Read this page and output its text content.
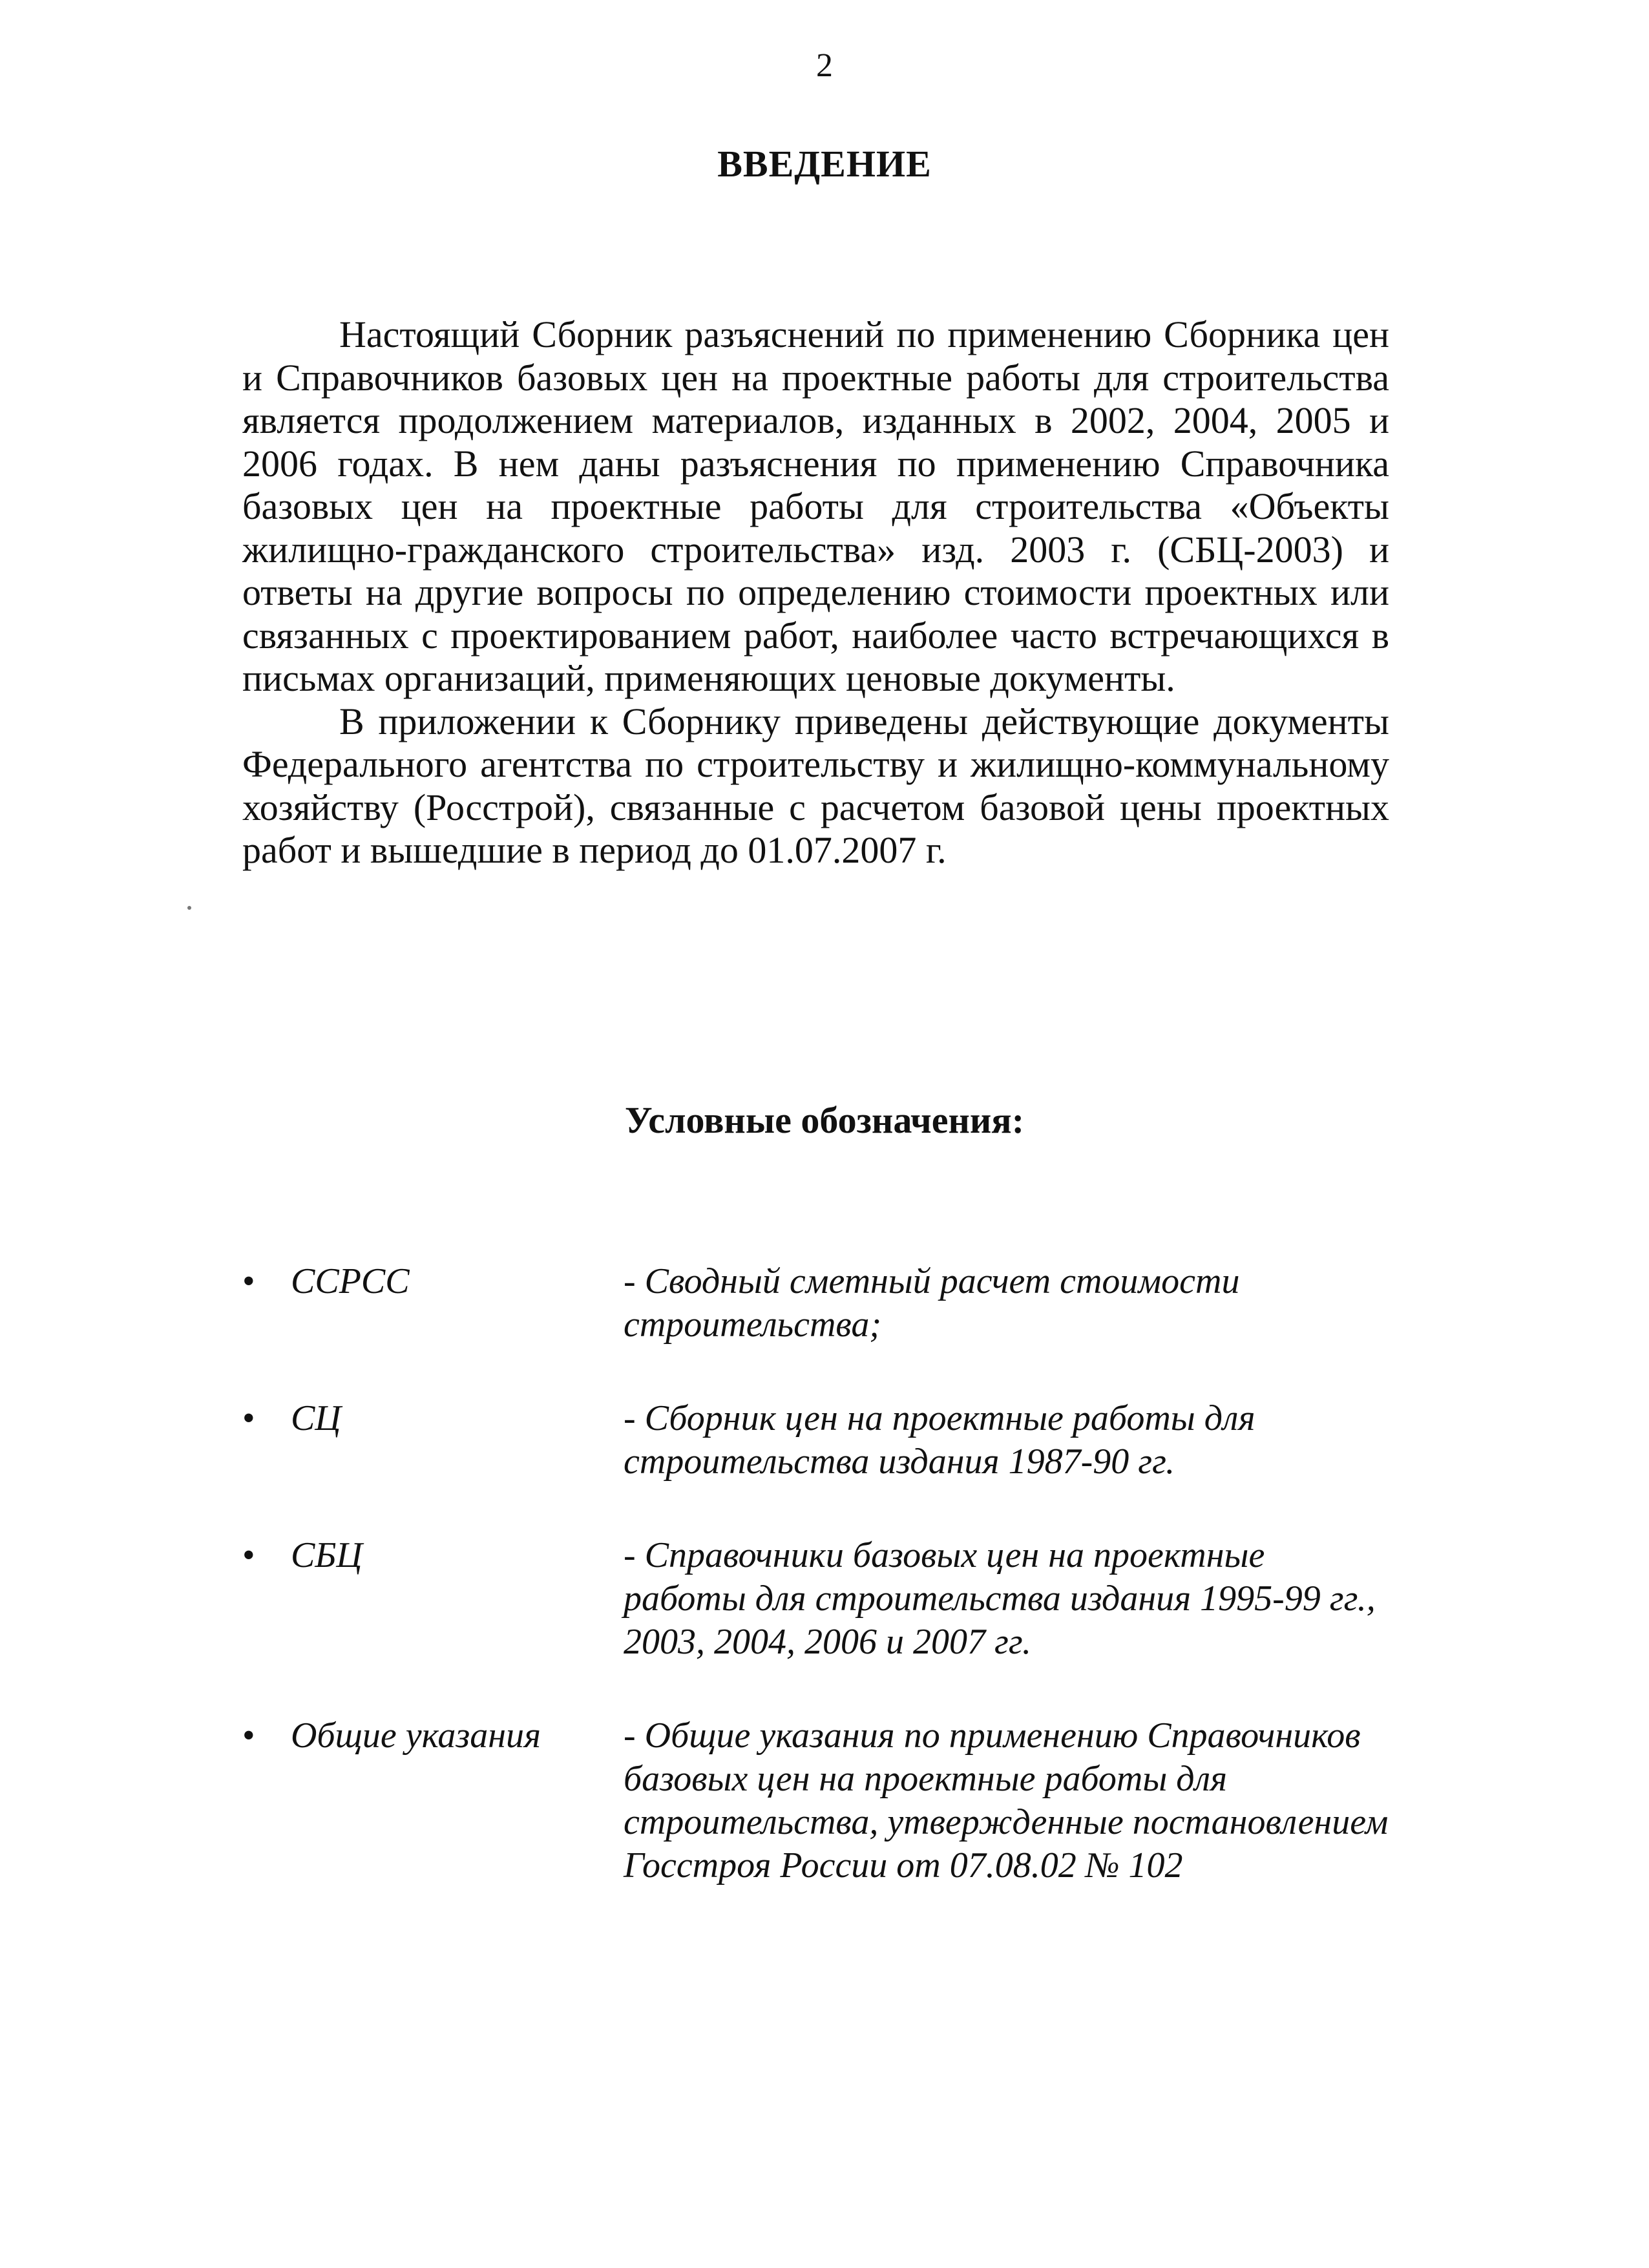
2
ВВЕДЕНИЕ

Настоящий Сборник разъяснений по применению Сборника цен и Справочников базовых цен на проектные работы для строительства является продолжением материалов, изданных в 2002, 2004, 2005 и 2006 годах. В нем даны разъяснения по применению Справочника базовых цен на проектные работы для строительства «Объекты жилищно-гражданского строительства» изд. 2003 г. (СБЦ-2003) и ответы на другие вопросы по определению стоимости проектных или связанных с проектированием работ, наиболее часто встречающихся в письмах организаций, применяющих ценовые документы.

В приложении к Сборнику приведены действующие документы Федерального агентства по строительству и жилищно-коммунальному хозяйству (Росстрой), связанные с расчетом базовой цены проектных работ и вышедшие в период до 01.07.2007 г.

Условные обозначения:
• ССРСС	- Сводный сметный расчет стоимости строительства;
• СЦ	- Сборник цен на проектные работы для строительства издания 1987-90 гг.
• СБЦ	- Справочники базовых цен на проектные работы для строительства издания 1995-99 гг., 2003, 2004, 2006 и 2007 гг.
• Общие указания	- Общие указания по применению Справочников базовых цен на проектные работы для строительства, утвержденные постановлением Госстроя России от 07.08.02 № 102
